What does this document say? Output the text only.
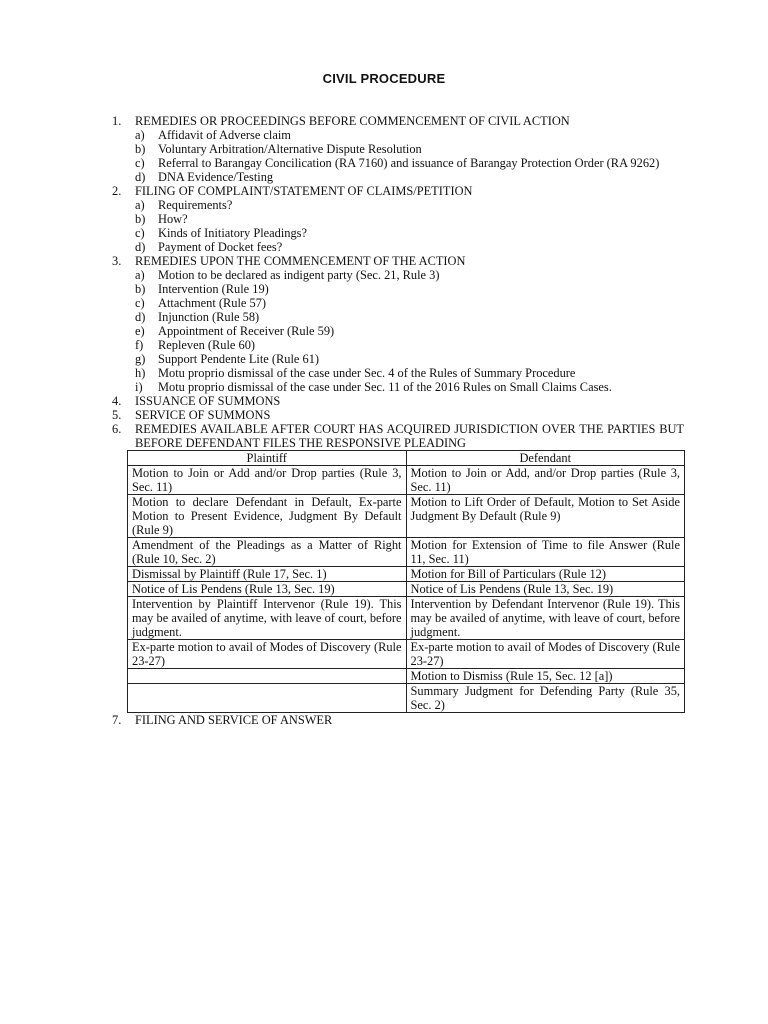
CIVIL PROCEDURE
1.	REMEDIES OR PROCEEDINGS BEFORE COMMENCEMENT OF CIVIL ACTION
a) Affidavit of Adverse claim
b) Voluntary Arbitration/Alternative Dispute Resolution
c) Referral to Barangay Concilication (RA 7160) and issuance of Barangay Protection Order (RA 9262)
d) DNA Evidence/Testing
2.	FILING OF COMPLAINT/STATEMENT OF CLAIMS/PETITION
a) Requirements?
b) How?
c) Kinds of Initiatory Pleadings?
d) Payment of Docket fees?
3.	REMEDIES UPON THE COMMENCEMENT OF THE ACTION
a) Motion to be declared as indigent party (Sec. 21, Rule 3)
b) Intervention (Rule 19)
c) Attachment (Rule 57)
d) Injunction (Rule 58)
e) Appointment of Receiver (Rule 59)
f) Repleven (Rule 60)
g) Support Pendente Lite (Rule 61)
h) Motu proprio dismissal of the case under Sec. 4 of the Rules of Summary Procedure
i) Motu proprio dismissal of the case under Sec. 11 of the 2016 Rules on Small Claims Cases.
4.	ISSUANCE OF SUMMONS
5.	SERVICE OF SUMMONS
6.	REMEDIES AVAILABLE AFTER COURT HAS ACQUIRED JURISDICTION OVER THE PARTIES BUT BEFORE DEFENDANT FILES THE RESPONSIVE PLEADING
Plaintiff	Defendant
Motion to Join or Add and/or Drop parties (Rule 3, Sec. 11)	Motion to Join or Add, and/or Drop parties (Rule 3, Sec. 11)
Motion to declare Defendant in Default, Ex-parte Motion to Present Evidence, Judgment By Default (Rule 9)	Motion to Lift Order of Default, Motion to Set Aside Judgment By Default (Rule 9)
Amendment of the Pleadings as a Matter of Right (Rule 10, Sec. 2)	Motion for Extension of Time to file Answer (Rule 11, Sec. 11)
Dismissal by Plaintiff (Rule 17, Sec. 1)	Motion for Bill of Particulars (Rule 12)
Notice of Lis Pendens (Rule 13, Sec. 19)	Notice of Lis Pendens (Rule 13, Sec. 19)
Intervention by Plaintiff Intervenor (Rule 19). This may be availed of anytime, with leave of court, before judgment.	Intervention by Defendant Intervenor (Rule 19). This may be availed of anytime, with leave of court, before judgment.
Ex-parte motion to avail of Modes of Discovery (Rule 23-27)	Ex-parte motion to avail of Modes of Discovery (Rule 23-27)
	Motion to Dismiss (Rule 15, Sec. 12 [a])
	Summary Judgment for Defending Party (Rule 35, Sec. 2)
7.	FILING AND SERVICE OF ANSWER
